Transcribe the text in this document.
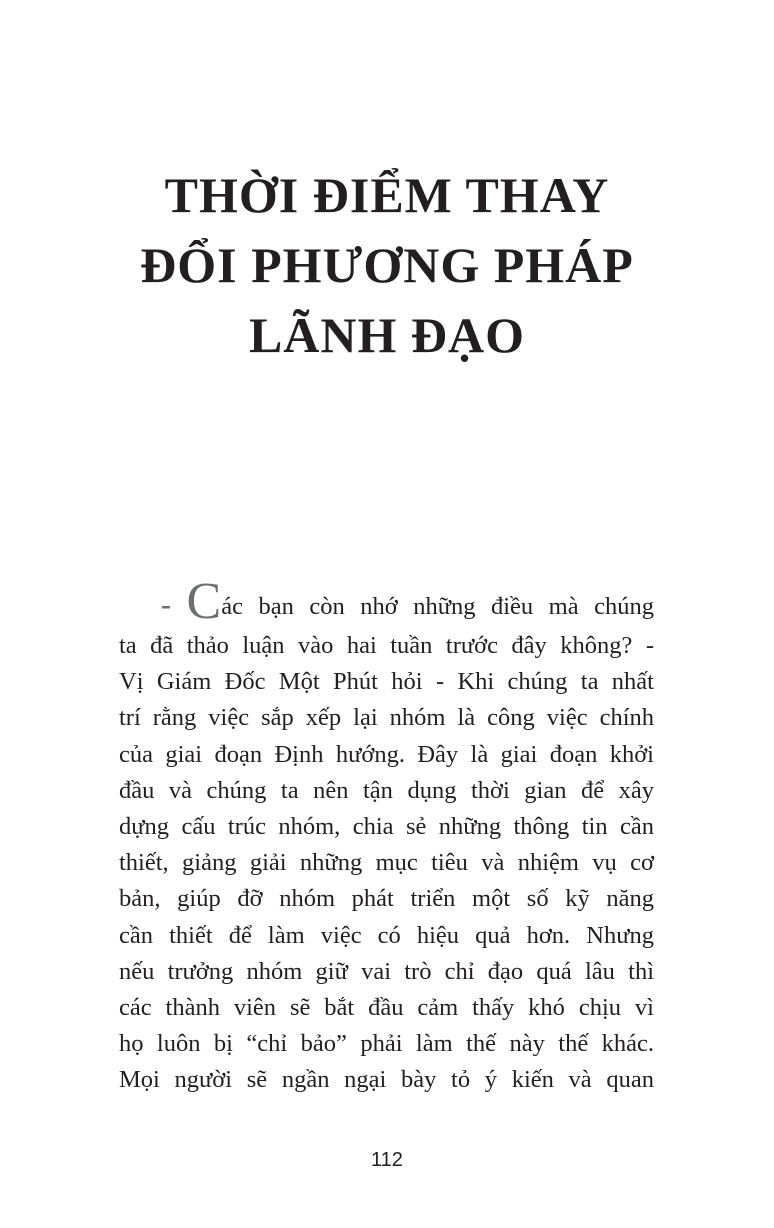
THỜI ĐIỂM THAY
ĐỔI PHƯƠNG PHÁP
LÃNH ĐẠO
- Các bạn còn nhớ những điều mà chúng
ta đã thảo luận vào hai tuần trước đây không? -
Vị Giám Đốc Một Phút hỏi - Khi chúng ta nhất
trí rằng việc sắp xếp lại nhóm là công việc chính
của giai đoạn Định hướng. Đây là giai đoạn khởi
đầu và chúng ta nên tận dụng thời gian để xây
dựng cấu trúc nhóm, chia sẻ những thông tin cần
thiết, giảng giải những mục tiêu và nhiệm vụ cơ
bản, giúp đỡ nhóm phát triển một số kỹ năng
cần thiết để làm việc có hiệu quả hơn. Nhưng
nếu trưởng nhóm giữ vai trò chỉ đạo quá lâu thì
các thành viên sẽ bắt đầu cảm thấy khó chịu vì
họ luôn bị “chỉ bảo” phải làm thế này thế khác.
Mọi người sẽ ngần ngại bày tỏ ý kiến và quan

112
